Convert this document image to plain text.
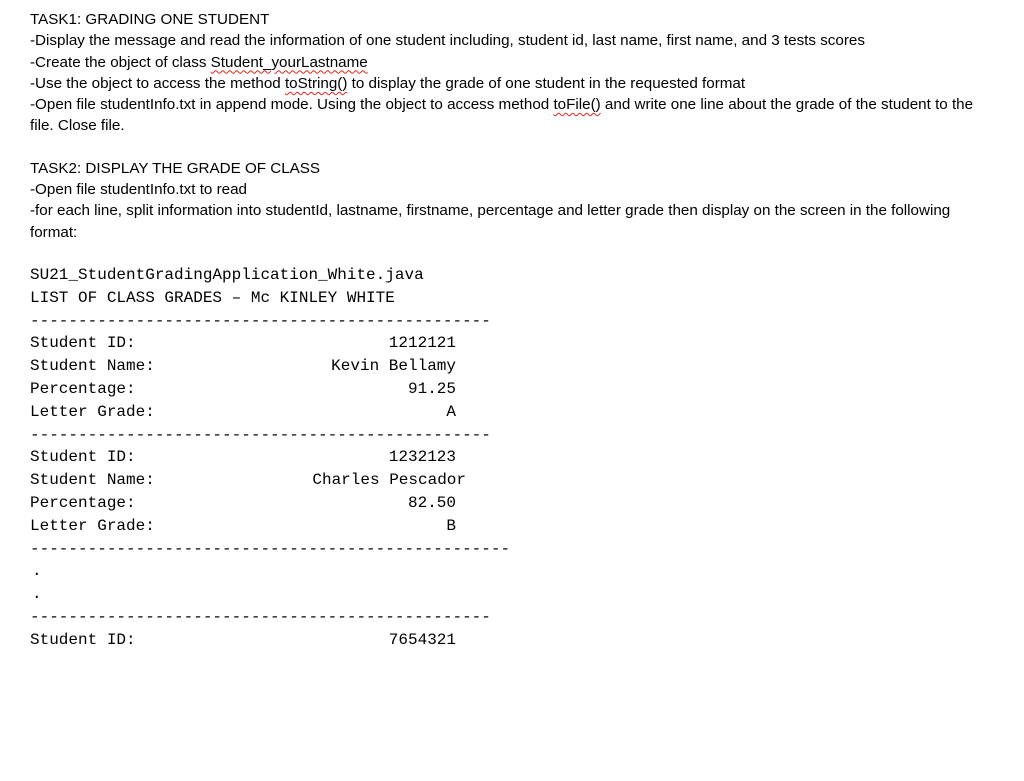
TASK1: GRADING ONE STUDENT

-Display the message and read the information of one student including, student id, last name, first name, and 3 tests scores

-Create the object of class Student_yourLastname

-Use the object to access the method toString() to display the grade of one student in the requested format

-Open file studentInfo.txt in append mode. Using the object to access method toFile() and write one line about the grade of the student to the file. Close file.

TASK2: DISPLAY THE GRADE OF CLASS

-Open file studentInfo.txt to read

-for each line, split information into studentId, lastname, firstname, percentage and letter grade then display on the screen in the following format:

SU21_StudentGradingApplication_White.java
LIST OF CLASS GRADES – Mc KINLEY WHITE
------------------------------------------------

Student ID:

	1212121

Student Name:

	Kevin Bellamy

Percentage:

	91.25

Letter Grade:

	A

------------------------------------------------

Student ID:

	1232123

Student Name:

	Charles Pescador

Percentage:

	82.50

Letter Grade:

	B

--------------------------------------------------
.
.
------------------------------------------------

Student ID:

	7654321
